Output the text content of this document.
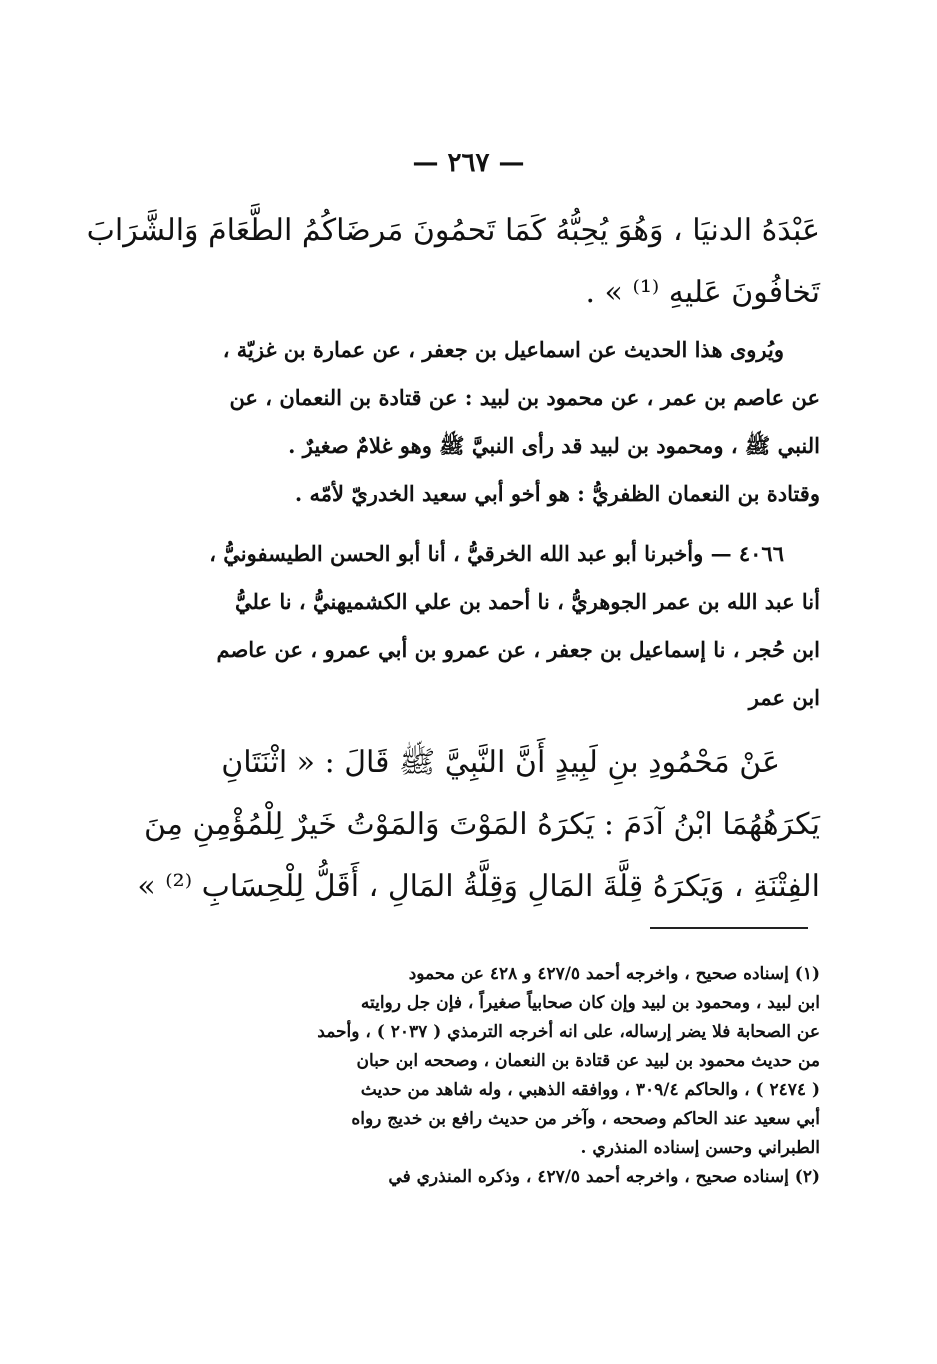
— ٢٦٧ —
عَبْدَهُ الدنيَا ، وَهُوَ يُحِبُّهُ كَمَا تَحمُونَ مَرضَاكُمُ الطَّعَامَ وَالشَّرَابَ
تَخافُونَ عَليهِ ⁽¹⁾ » .
ويُروى هذا الحديث عن اسماعيل بن جعفر ، عن عمارة بن غزيّة ،
عن عاصم بن عمر ، عن محمود بن لبيد : عن قتادة بن النعمان ، عن
النبي ﷺ ، ومحمود بن لبيد قد رأى النبيَّ ﷺ وهو غلامٌ صغيرٌ .
وقتادة بن النعمان الظفريُّ : هو أخو أبي سعيد الخدريّ لأمّه .
٤٠٦٦ — وأخبرنا أبو عبد الله الخرقيُّ ، أنا أبو الحسن الطيسفونيُّ ،
أنا عبد الله بن عمر الجوهريُّ ، نا أحمد بن علي الكشميهنيُّ ، نا عليُّ
ابن حُجر ، نا إسماعيل بن جعفر ، عن عمرو بن أبي عمرو ، عن عاصم
ابن عمر
عَنْ مَحْمُودِ بنِ لَبِيدٍ أَنَّ النَّبِيَّ ﷺ قَالَ : « اثْنَتَانِ
يَكرَهُهُمَا ابْنُ آدَمَ : يَكرَهُ المَوْتَ وَالمَوْتُ خَيرٌ لِلْمُؤْمِنِ مِنَ
الفِتْنَةِ ، وَيَكرَهُ قِلَّةَ المَالِ وَقِلَّةُ المَالِ ، أَقَلُّ لِلْحِسَابِ ⁽²⁾ »
(١) إسناده صحيح ، واخرجه أحمد ٤٢٧/٥ و ٤٢٨ عن محمود
ابن لبيد ، ومحمود بن لبيد وإن كان صحابياً صغيراً ، فإن جل روايته
عن الصحابة فلا يضر إرساله، على انه أخرجه الترمذي ( ٢٠٣٧ ) ، وأحمد
من حديث محمود بن لبيد عن قتادة بن النعمان ، وصححه ابن حبان
( ٢٤٧٤ ) ، والحاكم ٣٠٩/٤ ، ووافقه الذهبي ، وله شاهد من حديث
أبي سعيد عند الحاكم وصححه ، وآخر من حديث رافع بن خديج رواه
الطبراني وحسن إسناده المنذري .
(٢) إسناده صحيح ، واخرجه أحمد ٤٢٧/٥ ، وذكره المنذري في
